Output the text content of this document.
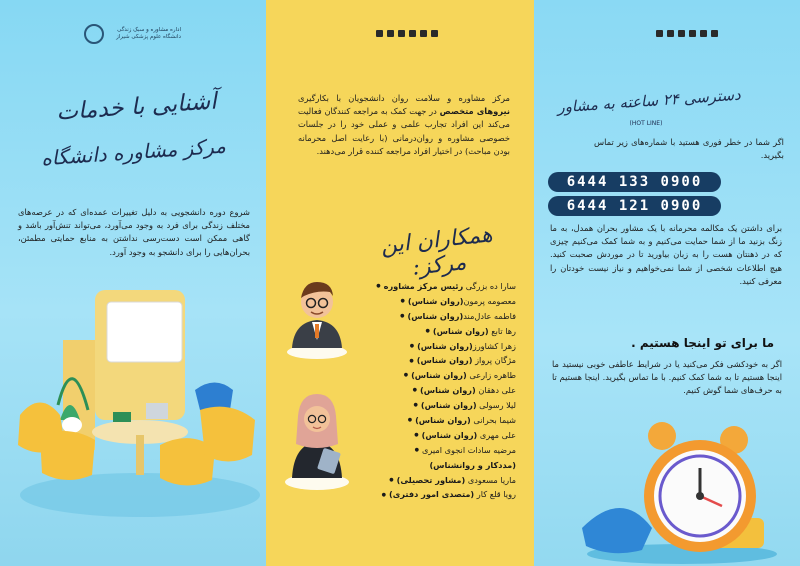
اداره مشاوره و سبک زندگی
دانشگاه علوم پزشکی شیراز
آشنایی با خدمات
مرکز مشاوره دانشگاه
شروع دوره دانشجویی به دلیل تغییرات عمده‌ای که در عرصه‌های مختلف زندگی برای فرد به وجود می‌آورد، می‌تواند تنش‌آور باشد و گاهی ممکن است دست‌رسی نداشتن به منابع حمایتی مطمئن، بحران‌هایی را برای دانشجو به وجود آورد.
مرکز مشاوره و سلامت روان دانشجویان با بکارگیری نیروهای متخصص در جهت کمک به مراجعه کنندگان فعالیت می‌کند این افراد تجارب علمی و عملی خود را در جلسات خصوصی مشاوره و روان‌درمانی (با رعایت اصل محرمانه بودن مباحث) در اختیار افراد مراجعه کننده قرار می‌دهند.
همکاران این مرکز:
سارا ده بزرگی رئیس مرکز مشاوره ●
معصومه پرمون(روان شناس) ●
فاطمه عادل‌مند(روان شناس) ●
رها تابع (روان شناس) ●
زهرا کشاورز(روان شناس) ●
مژگان پرواز (روان شناس) ●
طاهره زارعی (روان شناس) ●
علی دهقان (روان شناس) ●
لیلا رسولی (روان شناس) ●
شیما بحرانی (روان شناس) ●
علی مهری (روان شناس) ●
مرضیه سادات انجوی امیری ●
(مددکار و روانشناس)
ماریا مسعودی (مشاور تحصیلی) ●
رویا قلع کار (متصدی امور دفتری) ●
دسترسی ۲۴ ساعته به مشاور
(HOT LINE)
اگر شما در خطر فوری هستید با شماره‌های زیر تماس بگیرید.
6444 133 0900
6444 121 0900
برای داشتن یک مکالمه محرمانه با یک مشاور بحران همدل، به ما زنگ بزنید ما از شما حمایت می‌کنیم و به شما کمک می‌کنیم چیزی که در ذهنتان هست را به زبان بیاورید تا در موردش صحبت کنید. هیچ اطلاعات شخصی از شما نمی‌خواهیم و نیاز نیست خودتان را معرفی کنید.
ما برای تو اینجا هستیم .
اگر به خودکشی فکر می‌کنید یا در شرایط عاطفی خوبی نیستید ما اینجا هستیم تا به شما کمک کنیم. با ما تماس بگیرید. اینجا هستیم تا به حرف‌های شما گوش کنیم.
